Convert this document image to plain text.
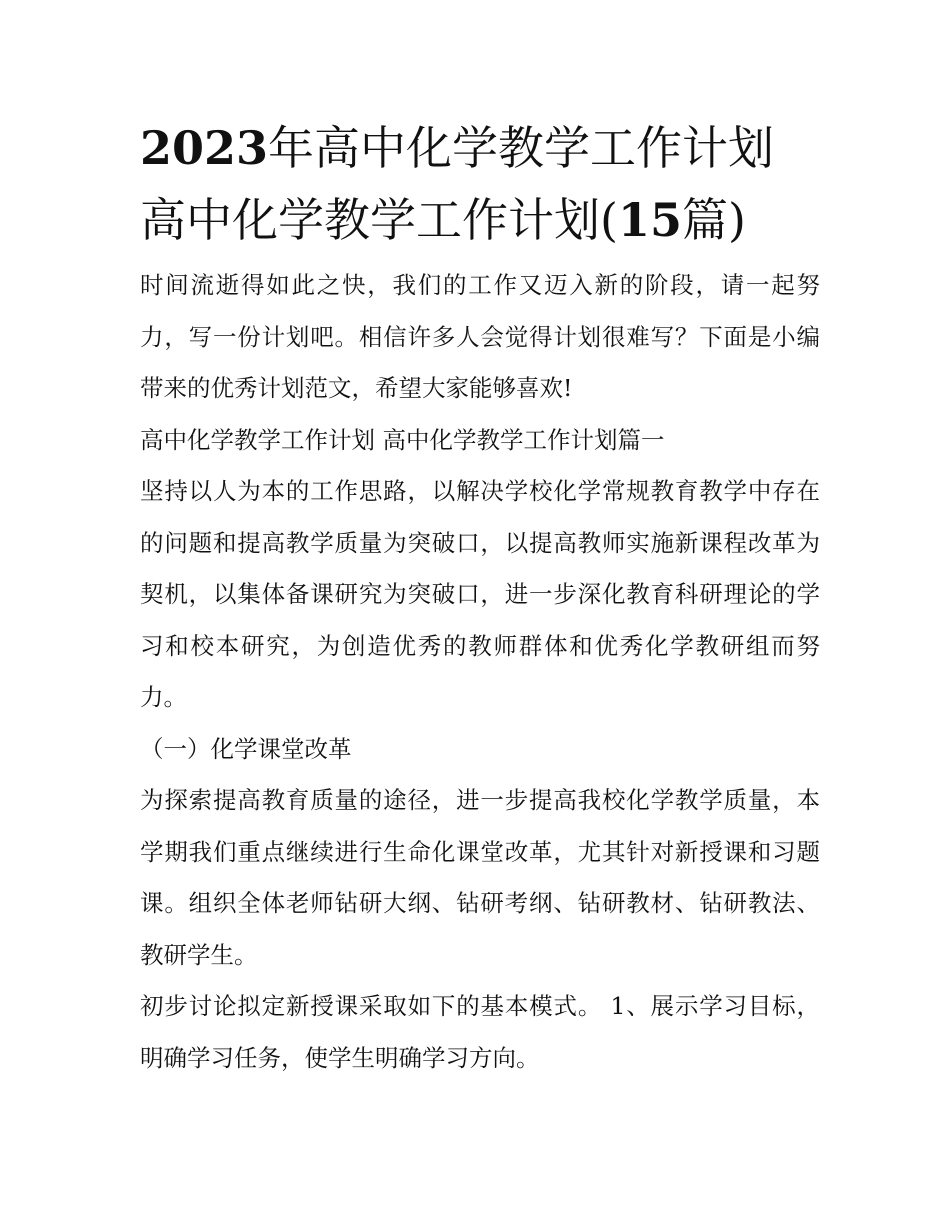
2023年高中化学教学工作计划
高中化学教学工作计划(15篇)

时间流逝得如此之快，我们的工作又迈入新的阶段，请一起努力，写一份计划吧。相信许多人会觉得计划很难写？下面是小编带来的优秀计划范文，希望大家能够喜欢!

高中化学教学工作计划 高中化学教学工作计划篇一

坚持以人为本的工作思路，以解决学校化学常规教育教学中存在的问题和提高教学质量为突破口，以提高教师实施新课程改革为契机，以集体备课研究为突破口，进一步深化教育科研理论的学习和校本研究，为创造优秀的教师群体和优秀化学教研组而努力。

（一）化学课堂改革

为探索提高教育质量的途径，进一步提高我校化学教学质量，本学期我们重点继续进行生命化课堂改革，尤其针对新授课和习题课。组织全体老师钻研大纲、钻研考纲、钻研教材、钻研教法、教研学生。

初步讨论拟定新授课采取如下的基本模式。 1、展示学习目标，明确学习任务，使学生明确学习方向。
